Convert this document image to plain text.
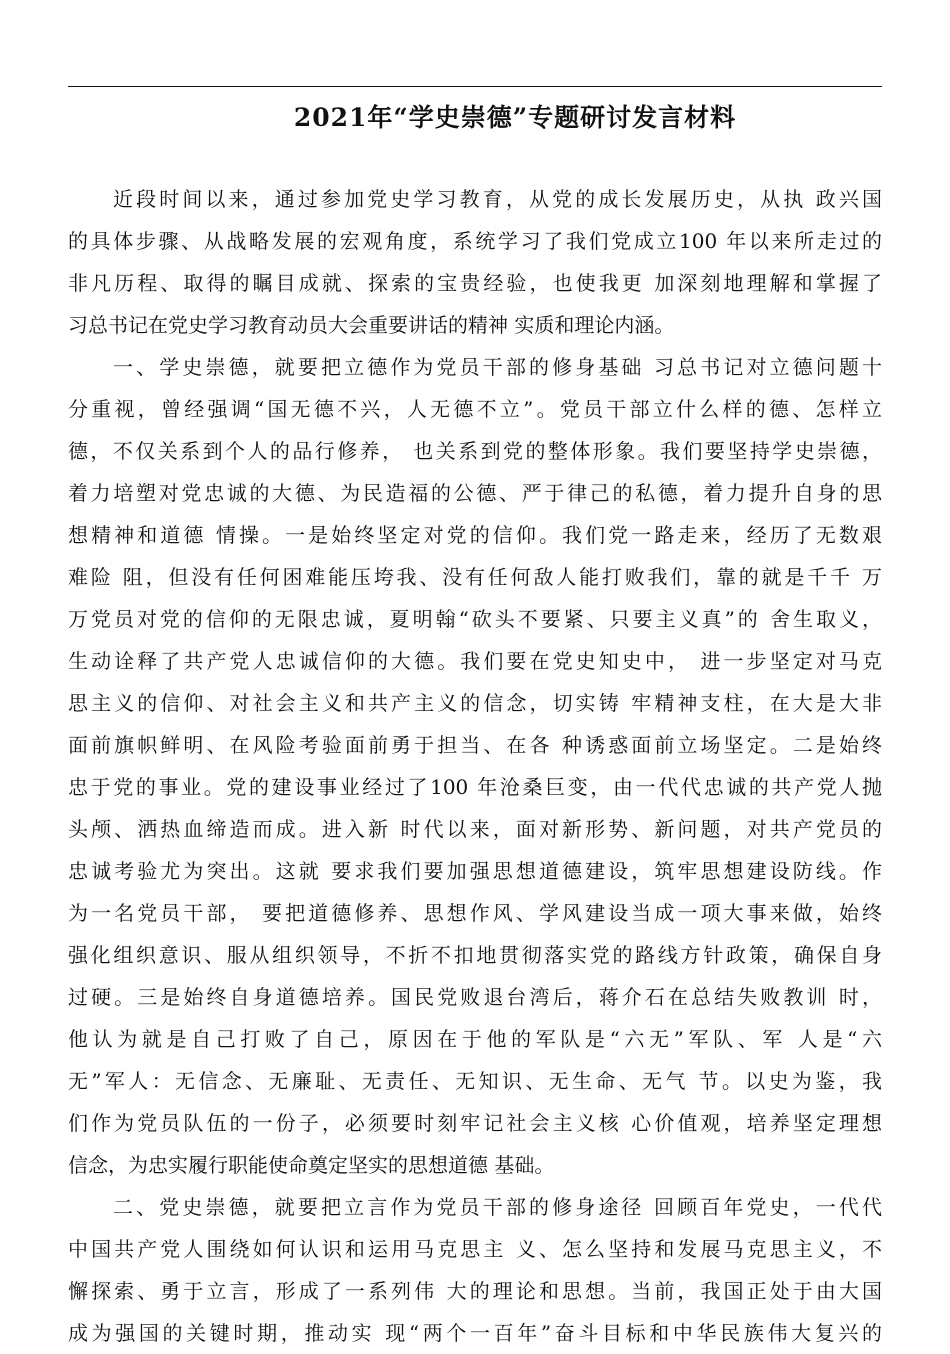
2021年“学史崇德”专题研讨发言材料
近段时间以来，通过参加党史学习教育，从党的成长发展历史，从执 政兴国
的具体步骤、从战略发展的宏观角度，系统学习了我们党成立100 年以来所走过的
非凡历程、取得的瞩目成就、探索的宝贵经验，也使我更 加深刻地理解和掌握了
习总书记在党史学习教育动员大会重要讲话的精神 实质和理论内涵。
一、学史崇德，就要把立德作为党员干部的修身基础 习总书记对立德问题十
分重视，曾经强调“国无德不兴，人无德不立”。党员干部立什么样的德、怎样立
德，不仅关系到个人的品行修养， 也关系到党的整体形象。我们要坚持学史崇德，
着力培塑对党忠诚的大德、为民造福的公德、严于律己的私德，着力提升自身的思
想精神和道德 情操。一是始终坚定对党的信仰。我们党一路走来，经历了无数艰
难险 阻，但没有任何困难能压垮我、没有任何敌人能打败我们，靠的就是千千 万
万党员对党的信仰的无限忠诚，夏明翰“砍头不要紧、只要主义真”的 舍生取义，
生动诠释了共产党人忠诚信仰的大德。我们要在党史知史中， 进一步坚定对马克
思主义的信仰、对社会主义和共产主义的信念，切实铸 牢精神支柱，在大是大非
面前旗帜鲜明、在风险考验面前勇于担当、在各 种诱惑面前立场坚定。二是始终
忠于党的事业。党的建设事业经过了100 年沧桑巨变，由一代代忠诚的共产党人抛
头颅、洒热血缔造而成。进入新 时代以来，面对新形势、新问题，对共产党员的
忠诚考验尤为突出。这就 要求我们要加强思想道德建设，筑牢思想建设防线。作
为一名党员干部， 要把道德修养、思想作风、学风建设当成一项大事来做，始终
强化组织意识、服从组织领导，不折不扣地贯彻落实党的路线方针政策，确保自身
过硬。三是始终自身道德培养。国民党败退台湾后，蒋介石在总结失败教训 时，
他认为就是自己打败了自己，原因在于他的军队是“六无”军队、军 人是“六
无”军人：无信念、无廉耻、无责任、无知识、无生命、无气 节。以史为鉴，我
们作为党员队伍的一份子，必须要时刻牢记社会主义核 心价值观，培养坚定理想
信念，为忠实履行职能使命奠定坚实的思想道德 基础。
二、党史崇德，就要把立言作为党员干部的修身途径 回顾百年党史，一代代
中国共产党人围绕如何认识和运用马克思主 义、怎么坚持和发展马克思主义，不
懈探索、勇于立言，形成了一系列伟 大的理论和思想。当前，我国正处于由大国
成为强国的关键时期，推动实 现“两个一百年”奋斗目标和中华民族伟大复兴的
